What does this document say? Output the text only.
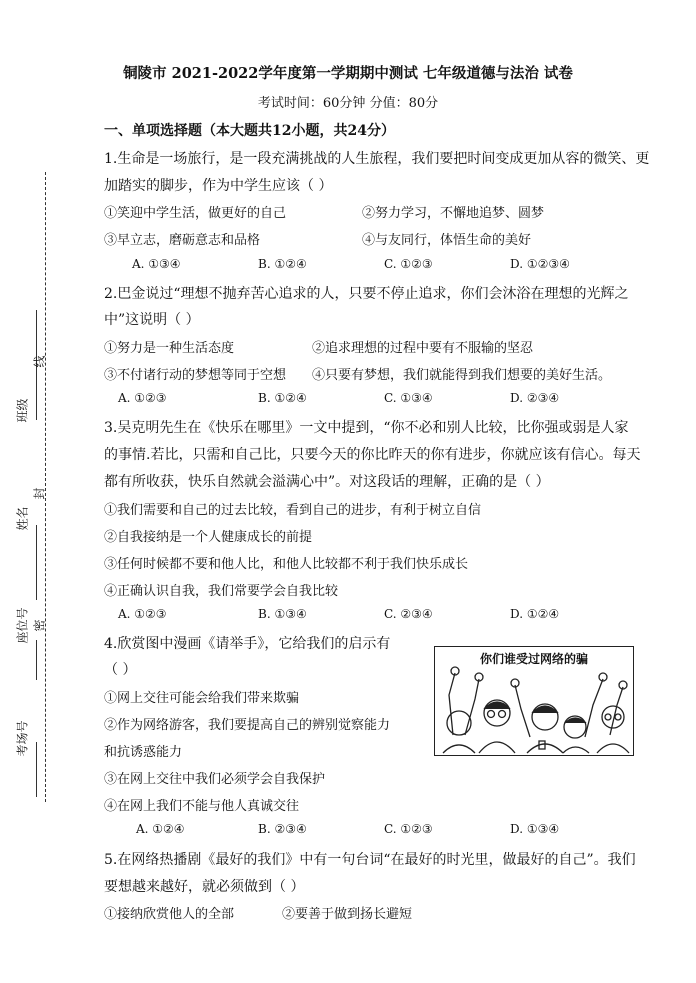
铜陵市 2021-2022学年度第一学期期中测试 七年级道德与法治 试卷
考试时间：60分钟 分值：80分
一、单项选择题（本大题共12小题，共24分）
班级
线
姓名
封
座位号 密
考场号
1.生命是一场旅行，是一段充满挑战的人生旅程，我们要把时间变成更加从容的微笑、更
加踏实的脚步，作为中学生应该（ ）
①笑迎中学生活，做更好的自己	②努力学习，不懈地追梦、圆梦
③早立志，磨砺意志和品格	④与友同行，体悟生命的美好
A. ①③④	B. ①②④	C. ①②③	D. ①②③④
2.巴金说过“理想不抛弃苦心追求的人，只要不停止追求，你们会沐浴在理想的光辉之
中”这说明（ ）
①努力是一种生活态度	②追求理想的过程中要有不服输的坚忍
③不付诸行动的梦想等同于空想 ④只要有梦想，我们就能得到我们想要的美好生活。
A. ①②③	B. ①②④	C. ①③④	D. ②③④
3.吴克明先生在《快乐在哪里》一文中提到，“你不必和别人比较，比你强或弱是人家
的事情.若比，只需和自己比，只要今天的你比昨天的你有进步，你就应该有信心。每天
都有所收获，快乐自然就会溢满心中”。对这段话的理解，正确的是（ ）
①我们需要和自己的过去比较，看到自己的进步，有利于树立自信
②自我接纳是一个人健康成长的前提
③任何时候都不要和他人比，和他人比较都不利于我们快乐成长
④正确认识自我，我们常要学会自我比较
A. ①②③	B. ①③④	C. ②③④	D. ①②④
4.欣赏图中漫画《请举手》，它给我们的启示有
（ ）
①网上交往可能会给我们带来欺骗
②作为网络游客，我们要提高自己的辨别觉察能力
和抗诱惑能力
③在网上交往中我们必须学会自我保护
④在网上我们不能与他人真诚交往
A. ①②④	B. ②③④	C. ①②③	D. ①③④
你们谁受过网络的骗
5.在网络热播剧《最好的我们》中有一句台词“在最好的时光里，做最好的自己”。我们
要想越来越好，就必须做到（ ）
①接纳欣赏他人的全部	②要善于做到扬长避短
